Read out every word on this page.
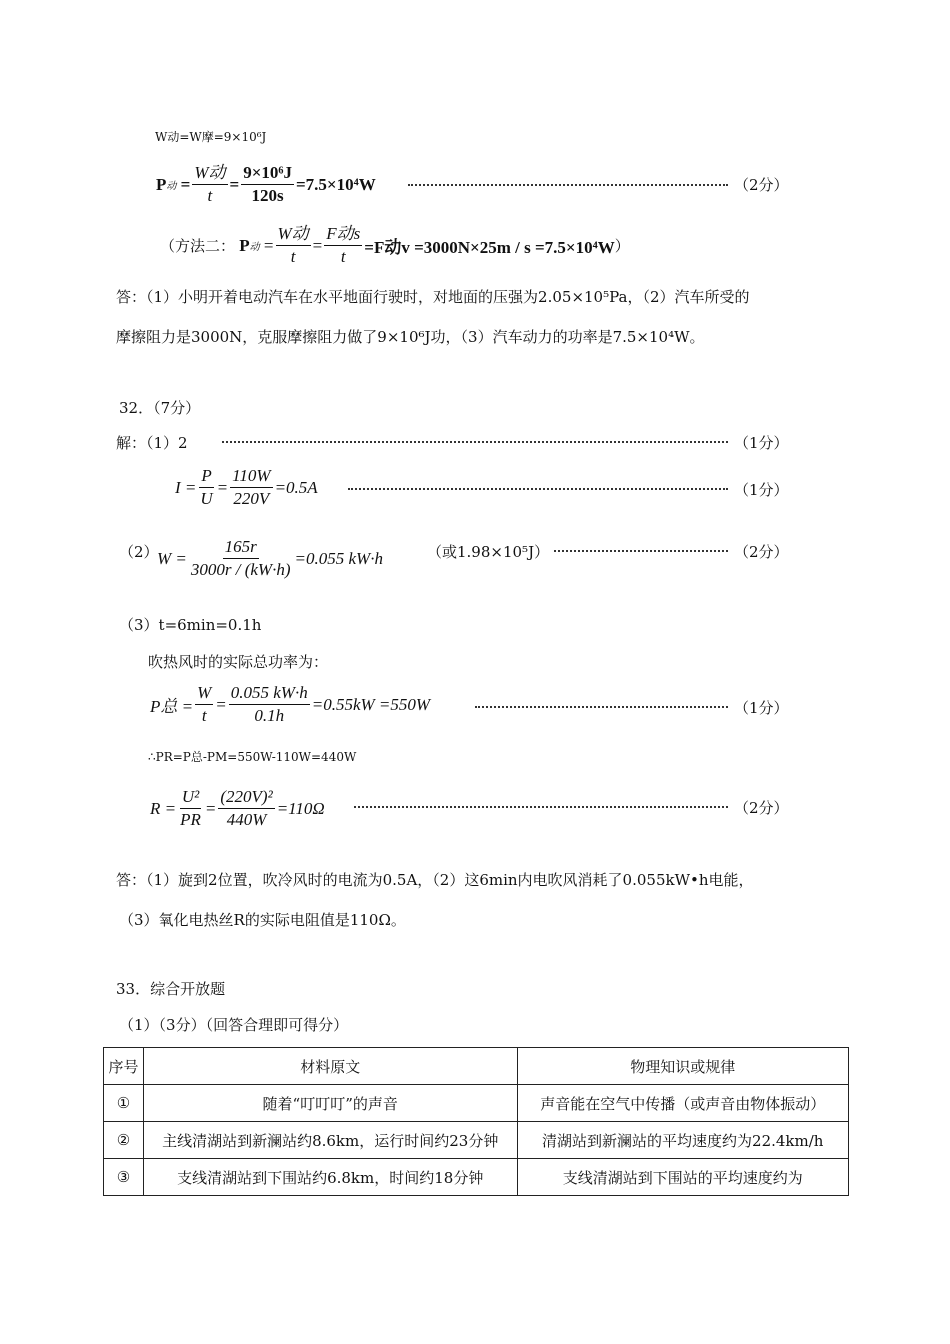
W动=W摩=9×10⁶J
P 动 = $\frac{\text{W动}}{t} = \frac{\text{9×10⁶J}}{120s} =7.5\times 10^4W$	（2分）
（方法二： P 动 = $\frac{\text{W动}}{t} = \frac{\text{F动s}}{t} =F$动v =3000N×25m / s =7.5×10⁴W ）
答：（1）小明开着电动汽车在水平地面行驶时，对地面的压强为2.05×10⁵Pa，（2）汽车所受的
摩擦阻力是3000N，克服摩擦阻力做了9×10⁶J功，（3）汽车动力的功率是7.5×10⁴W。
32．（7分）
解：（1）2	（1分）
$I = \frac{P}{U} = \frac{110W}{220V} =0.5A$	（1分）
（2）
$W = \frac{165r}{3000r / (kW\cdot h)} =0.055$ kW·h	（或1.98×10⁵J）	（2分）
（3）t=6min=0.1h
吹热风时的实际总功率为：
P总 = $\frac{W}{t} = \frac{0.055 kW\cdot h}{0.1h} =0.55kW =550W$	（1分）
∴PR=P总-PM=550W-110W=440W
$R = \frac{\text{U²}}{PR} = \frac{\text{(220V)²}}{440W} =110\Omega$	（2分）
答：（1）旋到2位置，吹冷风时的电流为0.5A，（2）这6min内电吹风消耗了0.055kW•h电能，
（3）氧化电热丝R的实际电阻值是110Ω。
33．综合开放题
（1）（3分）（回答合理即可得分）
序号	材料原文	物理知识或规律
①	随着“叮叮叮”的声音	声音能在空气中传播（或声音由物体振动）
②	主线清湖站到新澜站约8.6km，运行时间约23分钟	清湖站到新澜站的平均速度约为22.4km/h
③	支线清湖站到下围站约6.8km，时间约18分钟	支线清湖站到下围站的平均速度约为
